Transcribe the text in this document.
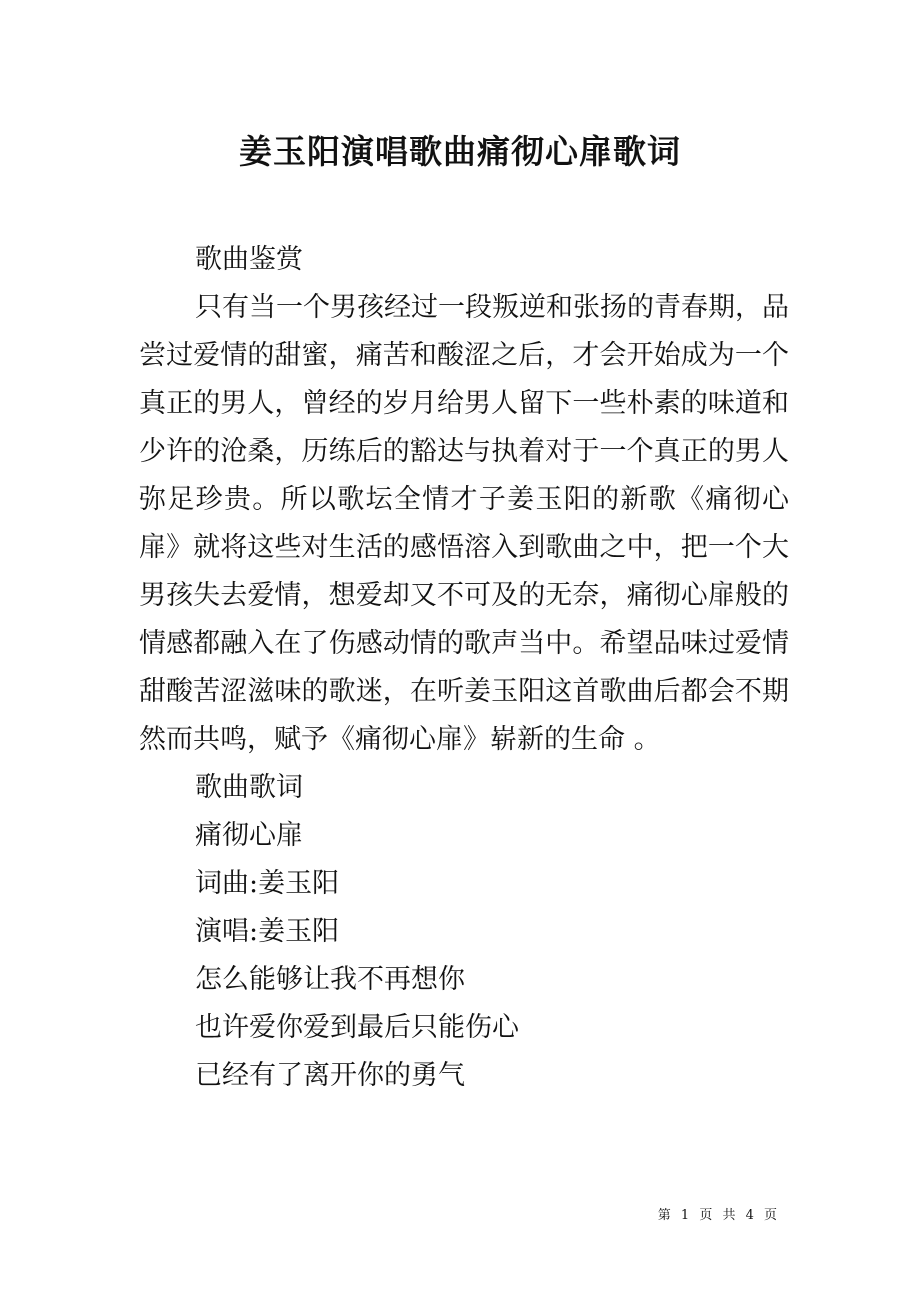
姜玉阳演唱歌曲痛彻心扉歌词

歌曲鉴赏

只有当一个男孩经过一段叛逆和张扬的青春期，品尝过爱情的甜蜜，痛苦和酸涩之后，才会开始成为一个真正的男人，曾经的岁月给男人留下一些朴素的味道和少许的沧桑，历练后的豁达与执着对于一个真正的男人弥足珍贵。所以歌坛全情才子姜玉阳的新歌《痛彻心扉》就将这些对生活的感悟溶入到歌曲之中，把一个大男孩失去爱情，想爱却又不可及的无奈，痛彻心扉般的情感都融入在了伤感动情的歌声当中。希望品味过爱情甜酸苦涩滋味的歌迷，在听姜玉阳这首歌曲后都会不期然而共鸣，赋予《痛彻心扉》崭新的生命 。

歌曲歌词

痛彻心扉

词曲:姜玉阳

演唱:姜玉阳

怎么能够让我不再想你

也许爱你爱到最后只能伤心

已经有了离开你的勇气

第 1 页 共 4 页
